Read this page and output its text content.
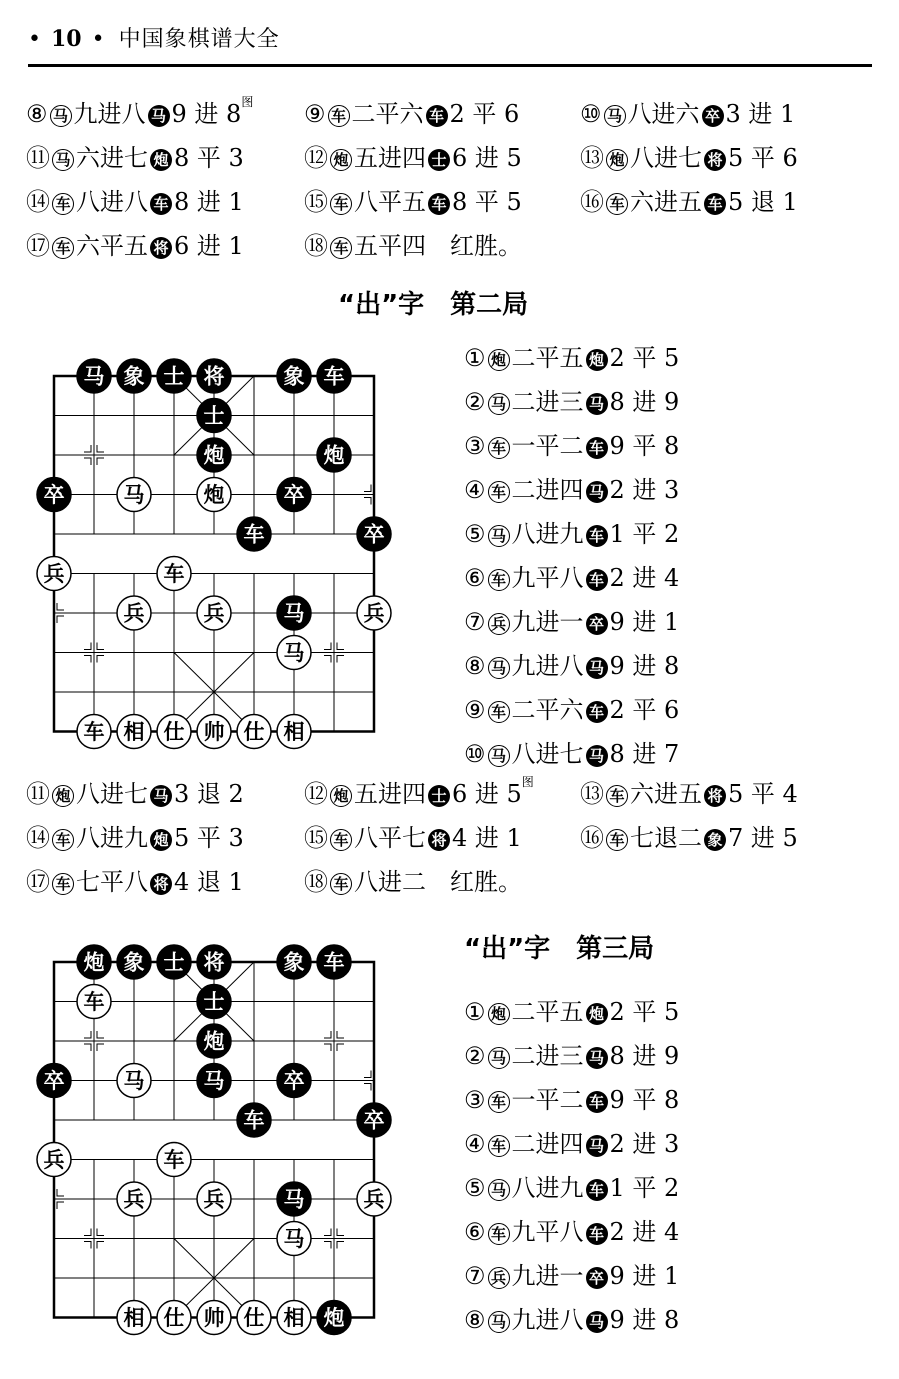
• 10 • 中国象棋谱大全
⑧ 马 九进八 马 9 进 $8^图$ ⑨ 车 二平六 车 2 平 6	⑩ 马 八进六 卒 3 进 1
⑪ 马 六进七 炮 8 平 3	⑫ 炮 五进四 士 6 进 5 ⑬ 炮 八进七 将 5 平 6
⑭ 车 八进八 车 8 进 1	⑮ 车 八平五 车 8 平 5 ⑯ 车 六进五 车 5 退 1
⑰ 车 六平五 将 6 进 1	⑱ 车 五平四　 红胜。
“出”字　第二局
马 象 士 将	象 车
士
炮	炮
卒	马	炮	卒
车	卒
兵	车
兵	兵	马	兵
马
车 相 仕 帅 仕 相
① 炮 二平五 炮 2 平 5
② 马 二进三 马 8 进 9
③ 车 一平二 车 9 平 8
④ 车 二进四 马 2 进 3
⑤ 马 八进九 车 1 平 2
⑥ 车 九平八 车 2 进 4
⑦ 兵 九进一 卒 9 进 1
⑧ 马 九进八 马 9 进 8
⑨ 车 二平六 车 2 平 6
⑩ 马 八进七 马 8 进 7
⑪ 炮 八进七 马 3 退 2	⑫ 炮 五进四 士 6 进 $5^图$ ⑬ 车 六进五 将 5 平 4
⑭ 车 八进九 炮 5 平 3	⑮ 车 八平七 将 4 进 1 ⑯ 车 七退二 象 7 进 5
⑰ 车 七平八 将 4 退 1	⑱ 车 八进二　 红胜。
“出”字　第三局
炮 象 士 将	象 车
车	士
炮
卒	马	马	卒
车	卒
兵	车
兵	兵	马	兵
马
相 仕 帅 仕 相 炮
① 炮 二平五 炮 2 平 5
② 马 二进三 马 8 进 9
③ 车 一平二 车 9 平 8
④ 车 二进四 马 2 进 3
⑤ 马 八进九 车 1 平 2
⑥ 车 九平八 车 2 进 4
⑦ 兵 九进一 卒 9 进 1
⑧ 马 九进八 马 9 进 8
